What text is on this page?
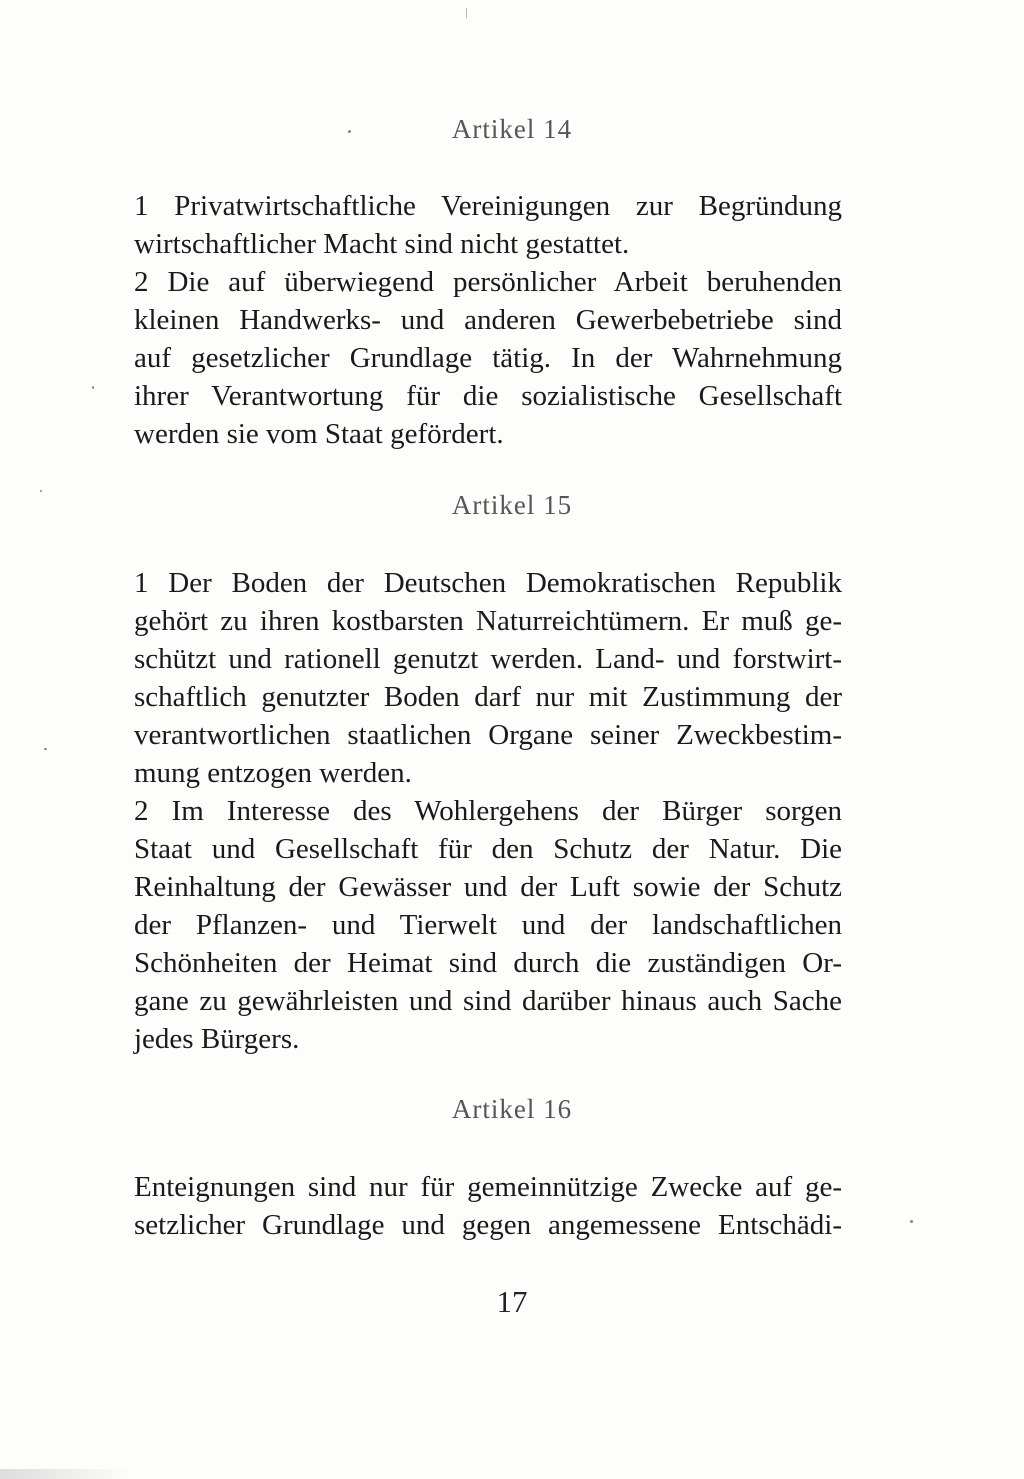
Artikel 14
1 Privatwirtschaftliche Vereinigungen zur Begründung
wirtschaftlicher Macht sind nicht gestattet.
2 Die auf überwiegend persönlicher Arbeit beruhenden
kleinen Handwerks- und anderen Gewerbebetriebe sind
auf gesetzlicher Grundlage tätig. In der Wahrnehmung
ihrer Verantwortung für die sozialistische Gesellschaft
werden sie vom Staat gefördert.
Artikel 15
1 Der Boden der Deutschen Demokratischen Republik
gehört zu ihren kostbarsten Naturreichtümern. Er muß ge-
schützt und rationell genutzt werden. Land- und forstwirt-
schaftlich genutzter Boden darf nur mit Zustimmung der
verantwortlichen staatlichen Organe seiner Zweckbestim-
mung entzogen werden.
2 Im Interesse des Wohlergehens der Bürger sorgen
Staat und Gesellschaft für den Schutz der Natur. Die
Reinhaltung der Gewässer und der Luft sowie der Schutz
der Pflanzen- und Tierwelt und der landschaftlichen
Schönheiten der Heimat sind durch die zuständigen Or-
gane zu gewährleisten und sind darüber hinaus auch Sache
jedes Bürgers.
Artikel 16
Enteignungen sind nur für gemeinnützige Zwecke auf ge-
setzlicher Grundlage und gegen angemessene Entschädi-
17
